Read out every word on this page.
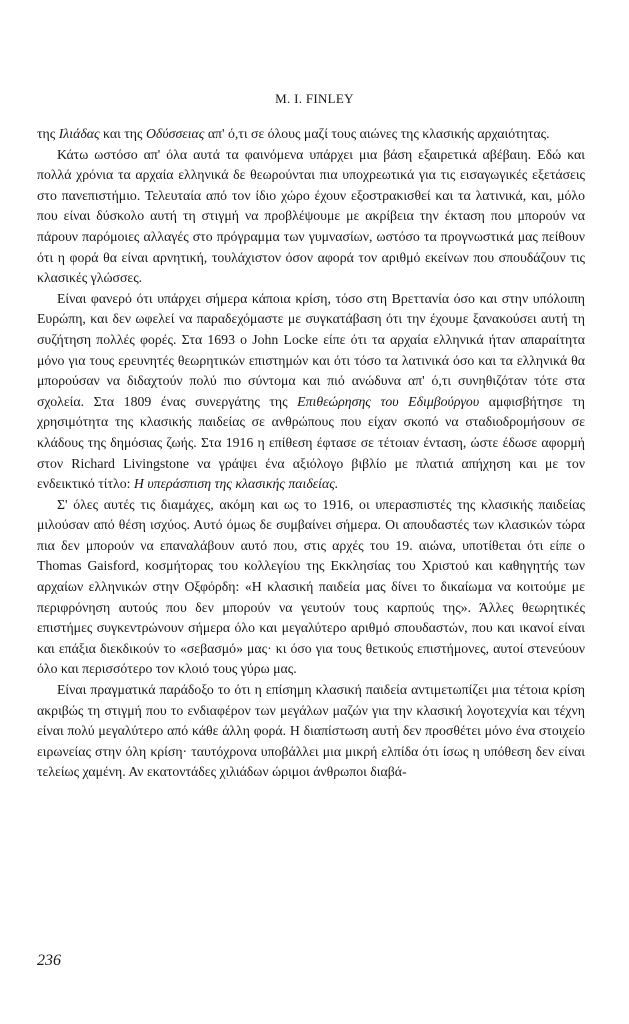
M. I. FINLEY

της Ιλιάδας και της Οδύσσειας απ' ό,τι σε όλους μαζί τους αιώνες της κλασικής αρχαιότητας.

Κάτω ωστόσο απ' όλα αυτά τα φαινόμενα υπάρχει μια βάση εξαιρετικά αβέβαιη. Εδώ και πολλά χρόνια τα αρχαία ελληνικά δε θεωρούνται πια υποχρεωτικά για τις εισαγωγικές εξετάσεις στο πανεπιστήμιο. Τελευταία από τον ίδιο χώρο έχουν εξοστρακισθεί και τα λατινικά, και, μόλο που είναι δύσκολο αυτή τη στιγμή να προβλέψουμε με ακρίβεια την έκταση που μπορούν να πάρουν παρόμοιες αλλαγές στο πρόγραμμα των γυμνασίων, ωστόσο τα προγνωστικά μας πείθουν ότι η φορά θα είναι αρνητική, τουλάχιστον όσον αφορά τον αριθμό εκείνων που σπουδάζουν τις κλασικές γλώσσες.

Είναι φανερό ότι υπάρχει σήμερα κάποια κρίση, τόσο στη Βρεττανία όσο και στην υπόλοιπη Ευρώπη, και δεν ωφελεί να παραδεχόμαστε με συγκατάβαση ότι την έχουμε ξανακούσει αυτή τη συζήτηση πολλές φορές. Στα 1693 ο John Locke είπε ότι τα αρχαία ελληνικά ήταν απαραίτητα μόνο για τους ερευνητές θεωρητικών επιστημών και ότι τόσο τα λατινικά όσο και τα ελληνικά θα μπορούσαν να διδαχτούν πολύ πιο σύντομα και πιό ανώδυνα απ' ό,τι συνηθιζόταν τότε στα σχολεία. Στα 1809 ένας συνεργάτης της Επιθεώρησης του Εδιμβούργου αμφισβήτησε τη χρησιμότητα της κλασικής παιδείας σε ανθρώπους που είχαν σκοπό να σταδιοδρομήσουν σε κλάδους της δημόσιας ζωής. Στα 1916 η επίθεση έφτασε σε τέτοιαν ένταση, ώστε έδωσε αφορμή στον Richard Livingstone να γράψει ένα αξιόλογο βιβλίο με πλατιά απήχηση και με τον ενδεικτικό τίτλο: Η υπεράσπιση της κλασικής παιδείας.

Σ' όλες αυτές τις διαμάχες, ακόμη και ως το 1916, οι υπερασπιστές της κλασικής παιδείας μιλούσαν από θέση ισχύος. Αυτό όμως δε συμβαίνει σήμερα. Οι απουδαστές των κλασικών τώρα πια δεν μπορούν να επαναλάβουν αυτό που, στις αρχές του 19. αιώνα, υποτίθεται ότι είπε ο Thomas Gaisford, κοσμήτορας του κολλεγίου της Εκκλησίας του Χριστού και καθηγητής των αρχαίων ελληνικών στην Οξφόρδη: «Η κλασική παιδεία μας δίνει το δικαίωμα να κοιτούμε με περιφρόνηση αυτούς που δεν μπορούν να γευτούν τους καρπούς της». Άλλες θεωρητικές επιστήμες συγκεντρώνουν σήμερα όλο και μεγαλύτερο αριθμό σπουδαστών, που και ικανοί είναι και επάξια διεκδικούν το «σεβασμό» μας· κι όσο για τους θετικούς επιστήμονες, αυτοί στενεύουν όλο και περισσότερο τον κλοιό τους γύρω μας.

Είναι πραγματικά παράδοξο το ότι η επίσημη κλασική παιδεία αντιμετωπίζει μια τέτοια κρίση ακριβώς τη στιγμή που το ενδιαφέρον των μεγάλων μαζών για την κλασική λογοτεχνία και τέχνη είναι πολύ μεγαλύτερο από κάθε άλλη φορά. Η διαπίστωση αυτή δεν προσθέτει μόνο ένα στοιχείο ειρωνείας στην όλη κρίση· ταυτόχρονα υποβάλλει μια μικρή ελπίδα ότι ίσως η υπόθεση δεν είναι τελείως χαμένη. Αν εκατοντάδες χιλιάδων ώριμοι άνθρωποι διαβά-

236
